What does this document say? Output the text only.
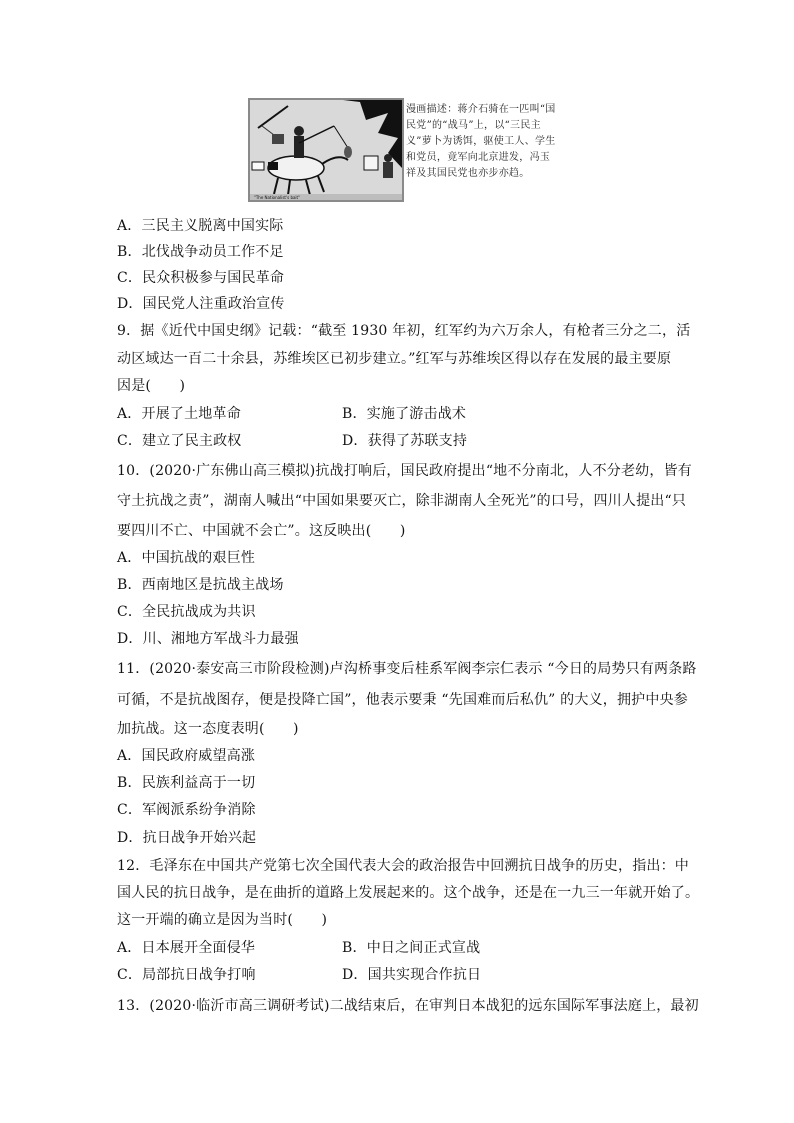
"The Nationalist's bait"
漫画描述：蒋介石骑在一匹叫“国民党”的“战马”上，以“三民主义”萝卜为诱饵，驱使工人、学生和党员，竟军向北京进发，冯玉祥及其国民党也亦步亦趋。
A．三民主义脱离中国实际
B．北伐战争动员工作不足
C．民众积极参与国民革命
D．国民党人注重政治宣传
9．据《近代中国史纲》记载：“截至 1930 年初，红军约为六万余人，有枪者三分之二，活
动区域达一百二十余县，苏维埃区已初步建立。”红军与苏维埃区得以存在发展的最主要原
因是(　　)
A．开展了土地革命	B．实施了游击战术
C．建立了民主政权	D．获得了苏联支持
10．(2020·广东佛山高三模拟)抗战打响后，国民政府提出“地不分南北，人不分老幼，皆有
守土抗战之责”，湖南人喊出“中国如果要灭亡，除非湖南人全死光”的口号，四川人提出“只
要四川不亡、中国就不会亡”。这反映出(　　)
A．中国抗战的艰巨性
B．西南地区是抗战主战场
C．全民抗战成为共识
D．川、湘地方军战斗力最强
11．(2020·泰安高三市阶段检测)卢沟桥事变后桂系军阀李宗仁表示 “今日的局势只有两条路
可循，不是抗战图存，便是投降亡国”，他表示要秉 “先国难而后私仇” 的大义，拥护中央参
加抗战。这一态度表明(　　)
A．国民政府威望高涨
B．民族利益高于一切
C．军阀派系纷争消除
D．抗日战争开始兴起
12．毛泽东在中国共产党第七次全国代表大会的政治报告中回溯抗日战争的历史，指出：中
国人民的抗日战争，是在曲折的道路上发展起来的。这个战争，还是在一九三一年就开始了。
这一开端的确立是因为当时(　　)
A．日本展开全面侵华	B．中日之间正式宣战
C．局部抗日战争打响	D．国共实现合作抗日
13．(2020·临沂市高三调研考试)二战结束后，在审判日本战犯的远东国际军事法庭上，最初
